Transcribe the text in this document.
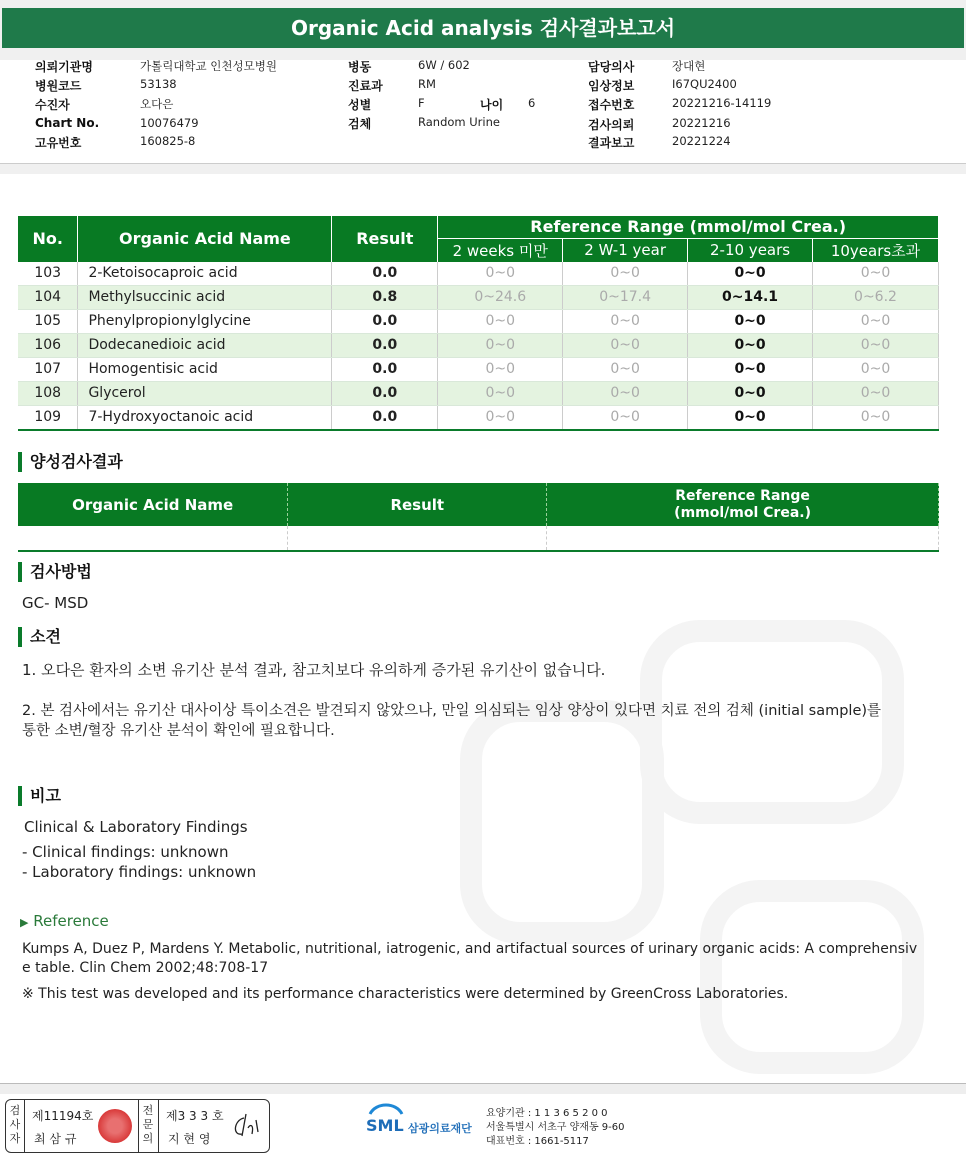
Organic Acid analysis 검사결과보고서
의뢰기관명	가톨릭대학교 인천성모병원
병원코드	53138
수진자	오다은
Chart No.	10076479
고유번호	160825-8
병동	6W / 602
진료과	RM
성별	F	나이 6
검체	Random Urine
담당의사	장대현
임상정보	I67QU2400
접수번호	20221216-14119
검사의뢰	20221216
결과보고	20221224
No.	Organic Acid Name	Result	Reference Range (mmol/mol Crea.)			
			2 weeks 미만	2 W-1 year	2-10 years	10years초과
103	2-Ketoisocaproic acid	0.0	0~0	0~0	0~0	0~0
104	Methylsuccinic acid	0.8	0~24.6	0~17.4	0~14.1	0~6.2
105	Phenylpropionylglycine	0.0	0~0	0~0	0~0	0~0
106	Dodecanedioic acid	0.0	0~0	0~0	0~0	0~0
107	Homogentisic acid	0.0	0~0	0~0	0~0	0~0
108	Glycerol	0.0	0~0	0~0	0~0	0~0
109	7-Hydroxyoctanoic acid	0.0	0~0	0~0	0~0	0~0
양성검사결과
Organic Acid Name	Result	Reference Range
(mmol/mol Crea.)

검사방법
GC- MSD
소견
1. 오다은 환자의 소변 유기산 분석 결과, 참고치보다 유의하게 증가된 유기산이 없습니다.
2. 본 검사에서는 유기산 대사이상 특이소견은 발견되지 않았으나, 만일 의심되는 임상 양상이 있다면 치료 전의 검체 (initial sample)를
통한 소변/혈장 유기산 분석이 확인에 필요합니다.
비고
Clinical & Laboratory Findings
- Clinical findings: unknown
- Laboratory findings: unknown
▶ Reference
Kumps A, Duez P, Mardens Y. Metabolic, nutritional, iatrogenic, and artifactual sources of urinary organic acids: A comprehensiv
e table. Clin Chem 2002;48:708-17
※ This test was developed and its performance characteristics were determined by GreenCross Laboratories.
검사자
제11194호
최 삼 규
전문의
제3 3 3 호
지 현 영
SML 삼광의료재단
요양기관 : 1 1 3 6 5 2 0 0
서울특별시 서초구 양재동 9-60
대표번호 : 1661-5117
